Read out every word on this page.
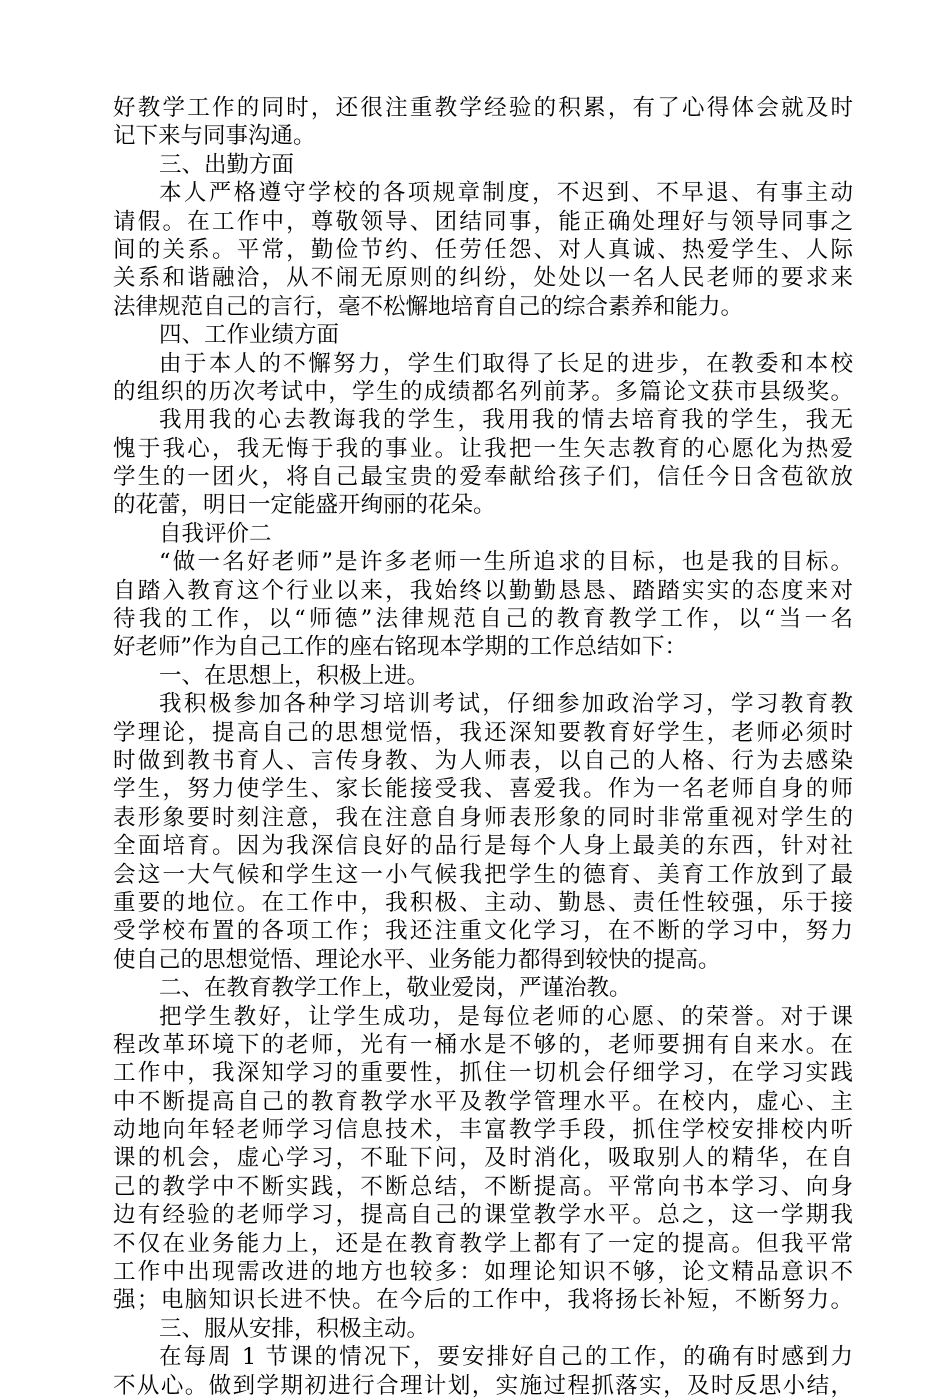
好教学工作的同时，还很注重教学经验的积累，有了心得体会就及时
记下来与同事沟通。
三、出勤方面
本人严格遵守学校的各项规章制度，不迟到、不早退、有事主动
请假。在工作中，尊敬领导、团结同事，能正确处理好与领导同事之
间的关系。平常，勤俭节约、任劳任怨、对人真诚、热爱学生、人际
关系和谐融洽，从不闹无原则的纠纷，处处以一名人民老师的要求来
法律规范自己的言行，毫不松懈地培育自己的综合素养和能力。
四、工作业绩方面
由于本人的不懈努力，学生们取得了长足的进步，在教委和本校
的组织的历次考试中，学生的成绩都名列前茅。多篇论文获市县级奖。
我用我的心去教诲我的学生，我用我的情去培育我的学生，我无
愧于我心，我无悔于我的事业。让我把一生矢志教育的心愿化为热爱
学生的一团火，将自己最宝贵的爱奉献给孩子们，信任今日含苞欲放
的花蕾，明日一定能盛开绚丽的花朵。
自我评价二
“做一名好老师”是许多老师一生所追求的目标，也是我的目标。
自踏入教育这个行业以来，我始终以勤勤恳恳、踏踏实实的态度来对
待我的工作，以“师德”法律规范自己的教育教学工作，以“当一名
好老师”作为自己工作的座右铭现本学期的工作总结如下：
一、在思想上，积极上进。
我积极参加各种学习培训考试，仔细参加政治学习，学习教育教
学理论，提高自己的思想觉悟，我还深知要教育好学生，老师必须时
时做到教书育人、言传身教、为人师表，以自己的人格、行为去感染
学生，努力使学生、家长能接受我、喜爱我。作为一名老师自身的师
表形象要时刻注意，我在注意自身师表形象的同时非常重视对学生的
全面培育。因为我深信良好的品行是每个人身上最美的东西，针对社
会这一大气候和学生这一小气候我把学生的德育、美育工作放到了最
重要的地位。在工作中，我积极、主动、勤恳、责任性较强，乐于接
受学校布置的各项工作；我还注重文化学习，在不断的学习中，努力
使自己的思想觉悟、理论水平、业务能力都得到较快的提高。
二、在教育教学工作上，敬业爱岗，严谨治教。
把学生教好，让学生成功，是每位老师的心愿、的荣誉。对于课
程改革环境下的老师，光有一桶水是不够的，老师要拥有自来水。在
工作中，我深知学习的重要性，抓住一切机会仔细学习，在学习实践
中不断提高自己的教育教学水平及教学管理水平。在校内，虚心、主
动地向年轻老师学习信息技术，丰富教学手段，抓住学校安排校内听
课的机会，虚心学习，不耻下问，及时消化，吸取别人的精华，在自
己的教学中不断实践，不断总结，不断提高。平常向书本学习、向身
边有经验的老师学习，提高自己的课堂教学水平。总之，这一学期我
不仅在业务能力上，还是在教育教学上都有了一定的提高。但我平常
工作中出现需改进的地方也较多：如理论知识不够，论文精品意识不
强；电脑知识长进不快。在今后的工作中，我将扬长补短，不断努力。
三、服从安排，积极主动。
在每周 1 节课的情况下，要安排好自己的工作，的确有时感到力
不从心。做到学期初进行合理计划，实施过程抓落实，及时反思小结，
